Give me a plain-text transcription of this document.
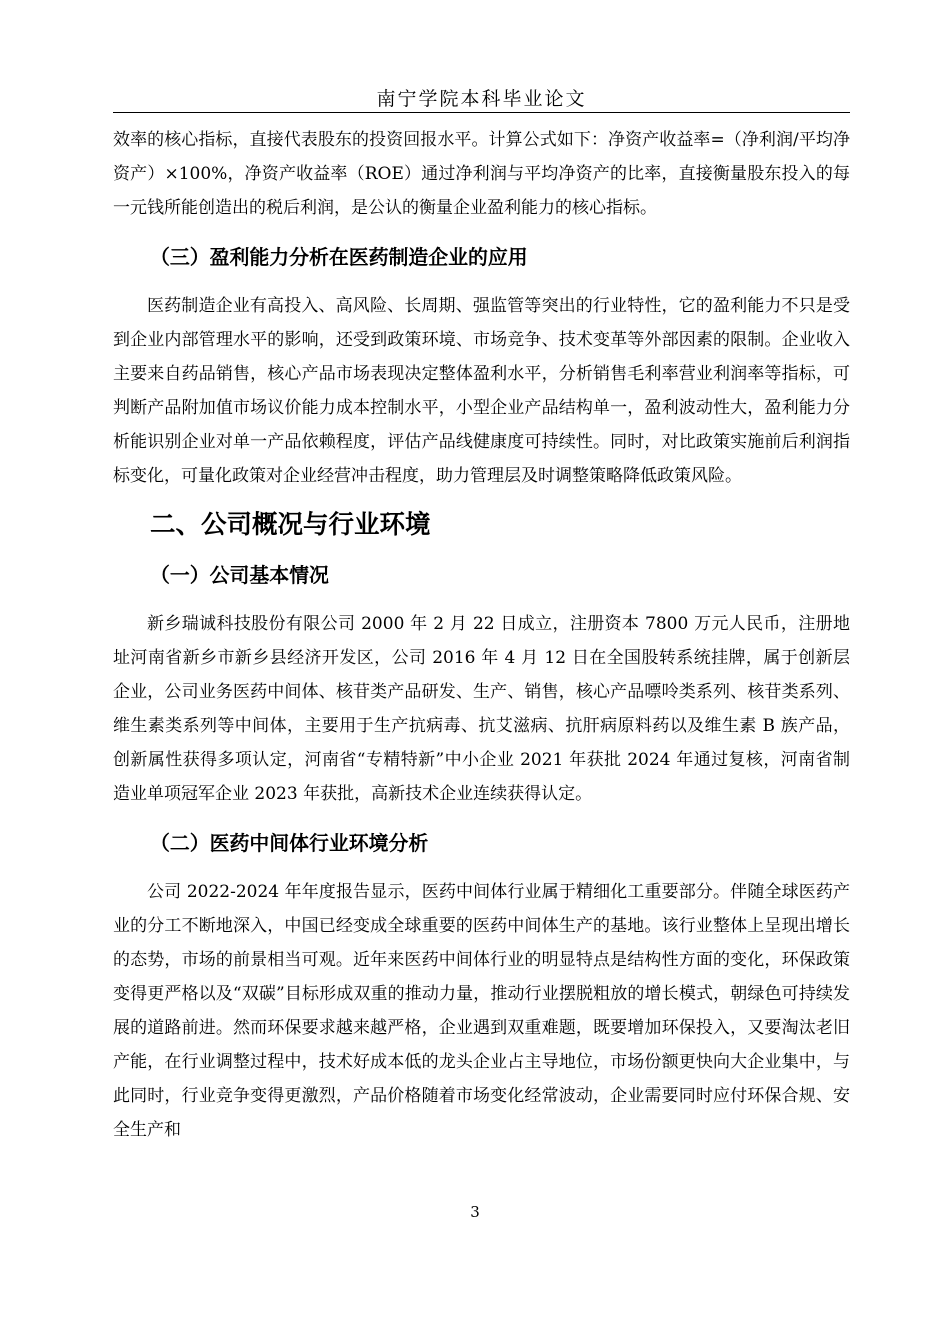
南宁学院本科毕业论文

效率的核心指标，直接代表股东的投资回报水平。计算公式如下：净资产收益率=（净利润/平均净资产）×100%，净资产收益率（ROE）通过净利润与平均净资产的比率，直接衡量股东投入的每一元钱所能创造出的税后利润，是公认的衡量企业盈利能力的核心指标。

（三）盈利能力分析在医药制造企业的应用

医药制造企业有高投入、高风险、长周期、强监管等突出的行业特性，它的盈利能力不只是受到企业内部管理水平的影响，还受到政策环境、市场竞争、技术变革等外部因素的限制。企业收入主要来自药品销售，核心产品市场表现决定整体盈利水平，分析销售毛利率营业利润率等指标，可判断产品附加值市场议价能力成本控制水平，小型企业产品结构单一，盈利波动性大，盈利能力分析能识别企业对单一产品依赖程度，评估产品线健康度可持续性。同时，对比政策实施前后利润指标变化，可量化政策对企业经营冲击程度，助力管理层及时调整策略降低政策风险。

二、公司概况与行业环境
（一）公司基本情况

新乡瑞诚科技股份有限公司 2000 年 2 月 22 日成立，注册资本 7800 万元人民币，注册地址河南省新乡市新乡县经济开发区，公司 2016 年 4 月 12 日在全国股转系统挂牌，属于创新层企业，公司业务医药中间体、核苷类产品研发、生产、销售，核心产品嘌呤类系列、核苷类系列、维生素类系列等中间体，主要用于生产抗病毒、抗艾滋病、抗肝病原料药以及维生素 B 族产品，创新属性获得多项认定，河南省“专精特新”中小企业 2021 年获批 2024 年通过复核，河南省制造业单项冠军企业 2023 年获批，高新技术企业连续获得认定。

（二）医药中间体行业环境分析

公司 2022-2024 年年度报告显示，医药中间体行业属于精细化工重要部分。伴随全球医药产业的分工不断地深入，中国已经变成全球重要的医药中间体生产的基地。该行业整体上呈现出增长的态势，市场的前景相当可观。近年来医药中间体行业的明显特点是结构性方面的变化，环保政策变得更严格以及“双碳”目标形成双重的推动力量，推动行业摆脱粗放的增长模式，朝绿色可持续发展的道路前进。然而环保要求越来越严格，企业遇到双重难题，既要增加环保投入，又要淘汰老旧产能，在行业调整过程中，技术好成本低的龙头企业占主导地位，市场份额更快向大企业集中，与此同时，行业竞争变得更激烈，产品价格随着市场变化经常波动，企业需要同时应付环保合规、安全生产和

3
